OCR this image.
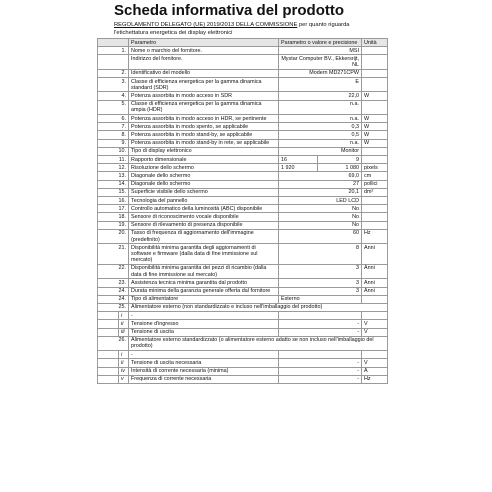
Scheda informativa del prodotto
REGOLAMENTO DELEGATO (UE) 2019/2013 DELLA COMMISSIONE per quanto riguarda l'etichettatura energetica dei display elettronici
		Parametro	Parametro o valore e precisione		Unità
1.		Nome o marchio del fornitore.	MSI		
		Indirizzo del fornitore.	Mystar Computer BV., Ekkersrijt, NL		
2.		Identificativo del modello	Modern MD271CPW		
3.		Classe di efficienza energetica per la gamma dinamica standard (SDR)	E		
4.		Potenza assorbita in modo acceso in SDR	22,0		W
5.		Classe di efficienza energetica per la gamma dinamica ampia (HDR)	n.a.		
6.		Potenza assorbita in modo acceso in HDR, se pertinente	n.a.		W
7.		Potenza assorbita in modo spento, se applicabile	0,3		W
8.		Potenza assorbita in modo stand-by, se applicabile	0,5		W
9.		Potenza assorbita in modo stand-by in rete, se applicabile	n.a.		W
10.		Tipo di display elettronico	Monitor		
11.		Rapporto dimensionale	16	9	
12.		Risoluzione dello schermo	1 920	1 080	pixels
13.		Diagonale dello schermo	69,0		cm
14.		Diagonale dello schermo	27		pollici
15.		Superficie visibile dello schermo	20,1		dm²
16.		Tecnologia del pannello	LED LCD		
17.		Controllo automatico della luminosità (ABC) disponibile	No		
18.		Sensore di riconoscimento vocale disponibile	No		
19.		Sensore di rilevamento di presenza disponibile	No		
20.		Tasso di frequenza di aggiornamento dell'immagine (predefinito)	60		Hz
21.		Disponibilità minima garantita degli aggiornamenti di software e firmware (dalla data di fine immissione sul mercato)	8		Anni
22.		Disponibilità minima garantita dei pezzi di ricambio (dalla data di fine immissione sul mercato)	3		Anni
23.		Assistenza tecnica minima garantita dal prodotto	3		Anni
24.		Durata minima della garanzia generale offerta dal fornitore	3		Anni
24.		Tipo di alimentatore	Esterno		
25.		Alimentatore esterno (non standardizzato e incluso nell'imballaggio del prodotto)			
	i	-			
	ii	Tensione d'ingresso	-		V
	iii	Tensione di uscita	-		V
26.		Alimentatore esterno standardizzato (o alimentatore esterno adatto se non incluso nell'imballaggio del prodotto)			
	i	-			
	ii	Tensione di uscita necessaria	-		V
	iv	Intensità di corrente necessaria (minima)	-		A
	v	Frequenza di corrente necessaria	-		Hz
